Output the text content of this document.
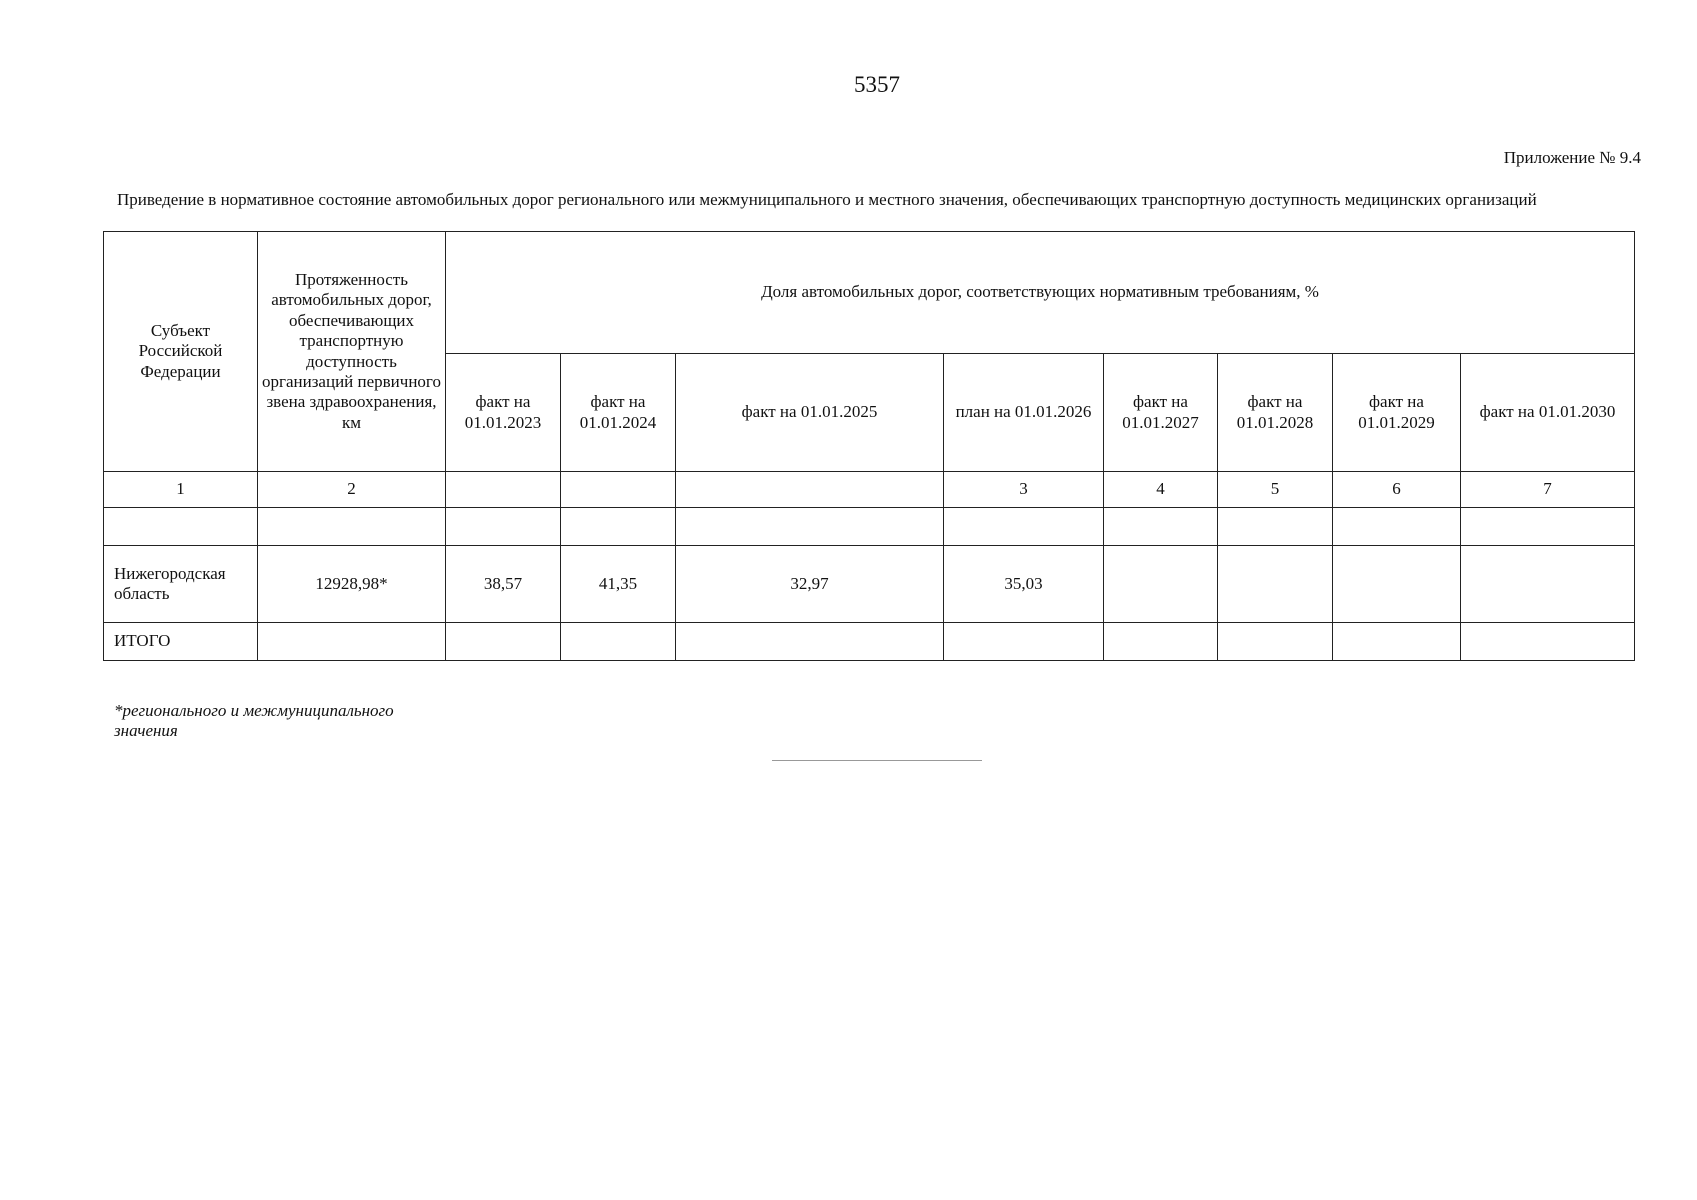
5357
Приложение № 9.4
Приведение в нормативное состояние автомобильных дорог регионального или межмуниципального и местного значения, обеспечивающих транспортную доступность медицинских организаций
Субъект Российской Федерации	Протяженность автомобильных дорог, обеспечивающих транспортную доступность организаций первичного звена здравоохранения, км	Доля автомобильных дорог, соответствующих нормативным требованиям, %							
		факт на 01.01.2023	факт на 01.01.2024	факт на 01.01.2025	план на 01.01.2026	факт на 01.01.2027	факт на 01.01.2028	факт на 01.01.2029	факт на 01.01.2030
1	2				3	4	5	6	7

Нижегородская область	12928,98*	38,57	41,35	32,97	35,03				
ИТОГО									
*регионального и межмуниципального значения
